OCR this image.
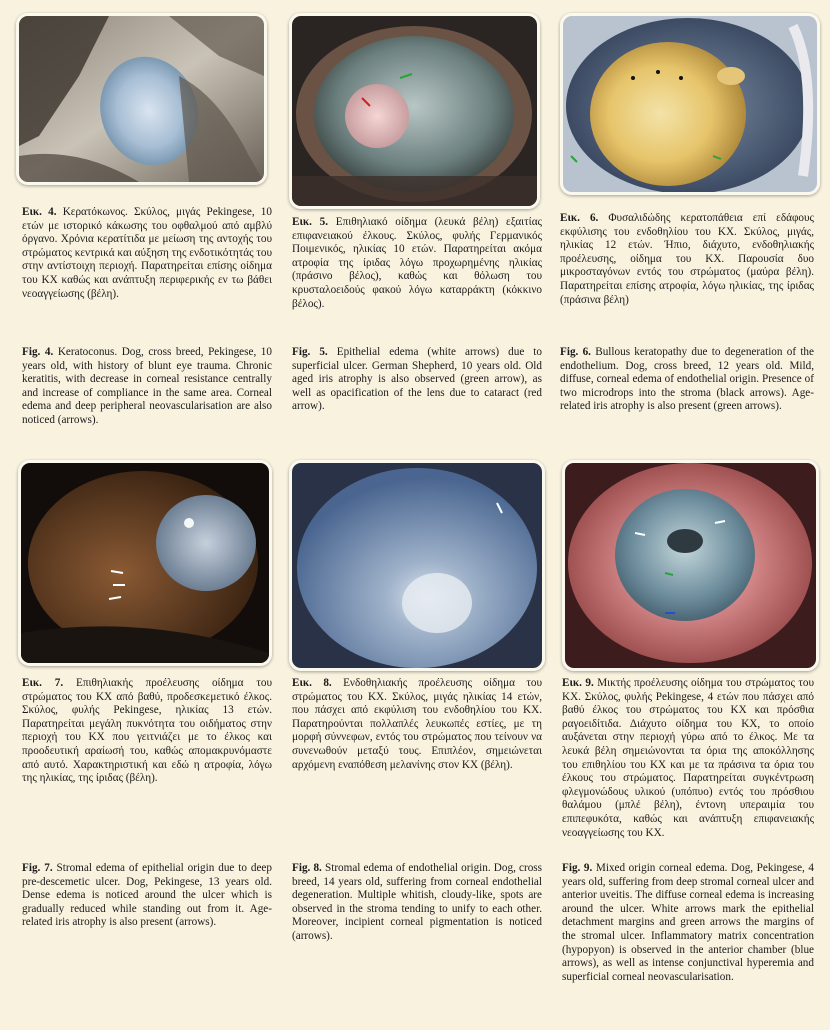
Εικ. 4. Κερατόκωνος. Σκύλος, μιγάς Pekingese, 10 ετών με ιστορικό κάκωσης του οφθαλμού από αμβλύ όργανο. Χρόνια κερατίτιδα με μείωση της αντοχής του στρώματος κεντρικά και αύξηση της ενδοτικότητάς του στην αντίστοιχη περιοχή. Παρατηρείται επίσης οίδημα του ΚΧ καθώς και ανάπτυξη περιφερικής εν τω βάθει νεοαγγείωσης (βέλη).
Fig. 4. Keratoconus. Dog, cross breed, Pekingese, 10 years old, with history of blunt eye trauma. Chronic keratitis, with decrease in corneal resistance centrally and increase of compliance in the same area. Corneal edema and deep peripheral neovascularisation are also noticed (arrows).
Εικ. 5. Επιθηλιακό οίδημα (λευκά βέλη) εξαιτίας επιφανειακού έλκους. Σκύλος, φυλής Γερμανικός Ποιμενικός, ηλικίας 10 ετών. Παρατηρείται ακόμα ατροφία της ίριδας λόγω προχωρημένης ηλικίας (πράσινο βέλος), καθώς και θόλωση του κρυσταλοειδούς φακού λόγω καταρράκτη (κόκκινο βέλος).
Fig. 5. Epithelial edema (white arrows) due to superficial ulcer. German Shepherd, 10 years old. Old aged iris atrophy is also observed (green arrow), as well as opacification of the lens due to cataract (red arrow).
Εικ. 6. Φυσαλιδώδης κερατοπάθεια επί εδάφους εκφύλισης του ενδοθηλίου του ΚΧ. Σκύλος, μιγάς, ηλικίας 12 ετών. Ήπιο, διάχυτο, ενδοθηλιακής προέλευσης, οίδημα του ΚΧ. Παρουσία δυο μικροσταγόνων εντός του στρώματος (μαύρα βέλη). Παρατηρείται επίσης ατροφία, λόγω ηλικίας, της ίριδας (πράσινα βέλη)
Fig. 6. Bullous keratopathy due to degeneration of the endothelium. Dog, cross breed, 12 years old. Mild, diffuse, corneal edema of endothelial origin. Presence of two microdrops into the stroma (black arrows). Age-related iris atrophy is also present (green arrows).
Εικ. 7. Επιθηλιακής προέλευσης οίδημα του στρώματος του ΚΧ από βαθύ, προδεσκεμετικό έλκος. Σκύλος, φυλής Pekingese, ηλικίας 13 ετών. Παρατηρείται μεγάλη πυκνότητα του οιδήματος στην περιοχή του ΚΧ που γειτνιάζει με το έλκος και προοδευτική αραίωσή του, καθώς απομακρυνόμαστε από αυτό. Χαρακτηριστική και εδώ η ατροφία, λόγω της ηλικίας, της ίριδας (βέλη).
Fig. 7. Stromal edema of epithelial origin due to deep pre-descemetic ulcer. Dog, Pekingese, 13 years old. Dense edema is noticed around the ulcer which is gradually reduced while standing out from it. Age-related iris atrophy is also present (arrows).
Εικ. 8. Ενδοθηλιακής προέλευσης οίδημα του στρώματος του ΚΧ. Σκύλος, μιγάς ηλικίας 14 ετών, που πάσχει από εκφύλιση του ενδοθηλίου του ΚΧ. Παρατηρούνται πολλαπλές λευκωπές εστίες, με τη μορφή σύννεφων, εντός του στρώματος που τείνουν να συνενωθούν μεταξύ τους. Επιπλέον, σημειώνεται αρχόμενη εναπόθεση μελανίνης στον ΚΧ (βέλη).
Fig. 8. Stromal edema of endothelial origin. Dog, cross breed, 14 years old, suffering from corneal endothelial degeneration. Multiple whitish, cloudy-like, spots are observed in the stroma tending to unify to each other. Moreover, incipient corneal pigmentation is noticed (arrows).
Εικ. 9. Μικτής προέλευσης οίδημα του στρώματος του ΚΧ. Σκύλος, φυλής Pekingese, 4 ετών που πάσχει από βαθύ έλκος του στρώματος του ΚΧ και πρόσθια ραγοειδίτιδα. Διάχυτο οίδημα του ΚΧ, το οποίο αυξάνεται στην περιοχή γύρω από το έλκος. Με τα λευκά βέλη σημειώνονται τα όρια της αποκόλλησης του επιθηλίου του ΚΧ και με τα πράσινα τα όρια του έλκους του στρώματος. Παρατηρείται συγκέντρωση φλεγμονώδους υλικού (υπόπυο) εντός του πρόσθιου θαλάμου (μπλέ βέλη), έντονη υπεραιμία του επιπεφυκότα, καθώς και ανάπτυξη επιφανειακής νεοαγγείωσης του ΚΧ.
Fig. 9. Mixed origin corneal edema. Dog, Pekingese, 4 years old, suffering from deep stromal corneal ulcer and anterior uveitis. The diffuse corneal edema is increasing around the ulcer. White arrows mark the epithelial detachment margins and green arrows the margins of the stromal ulcer. Inflammatory matrix concentration (hypopyon) is observed in the anterior chamber (blue arrows), as well as intense conjunctival hyperemia and superficial corneal neovascularisation.
